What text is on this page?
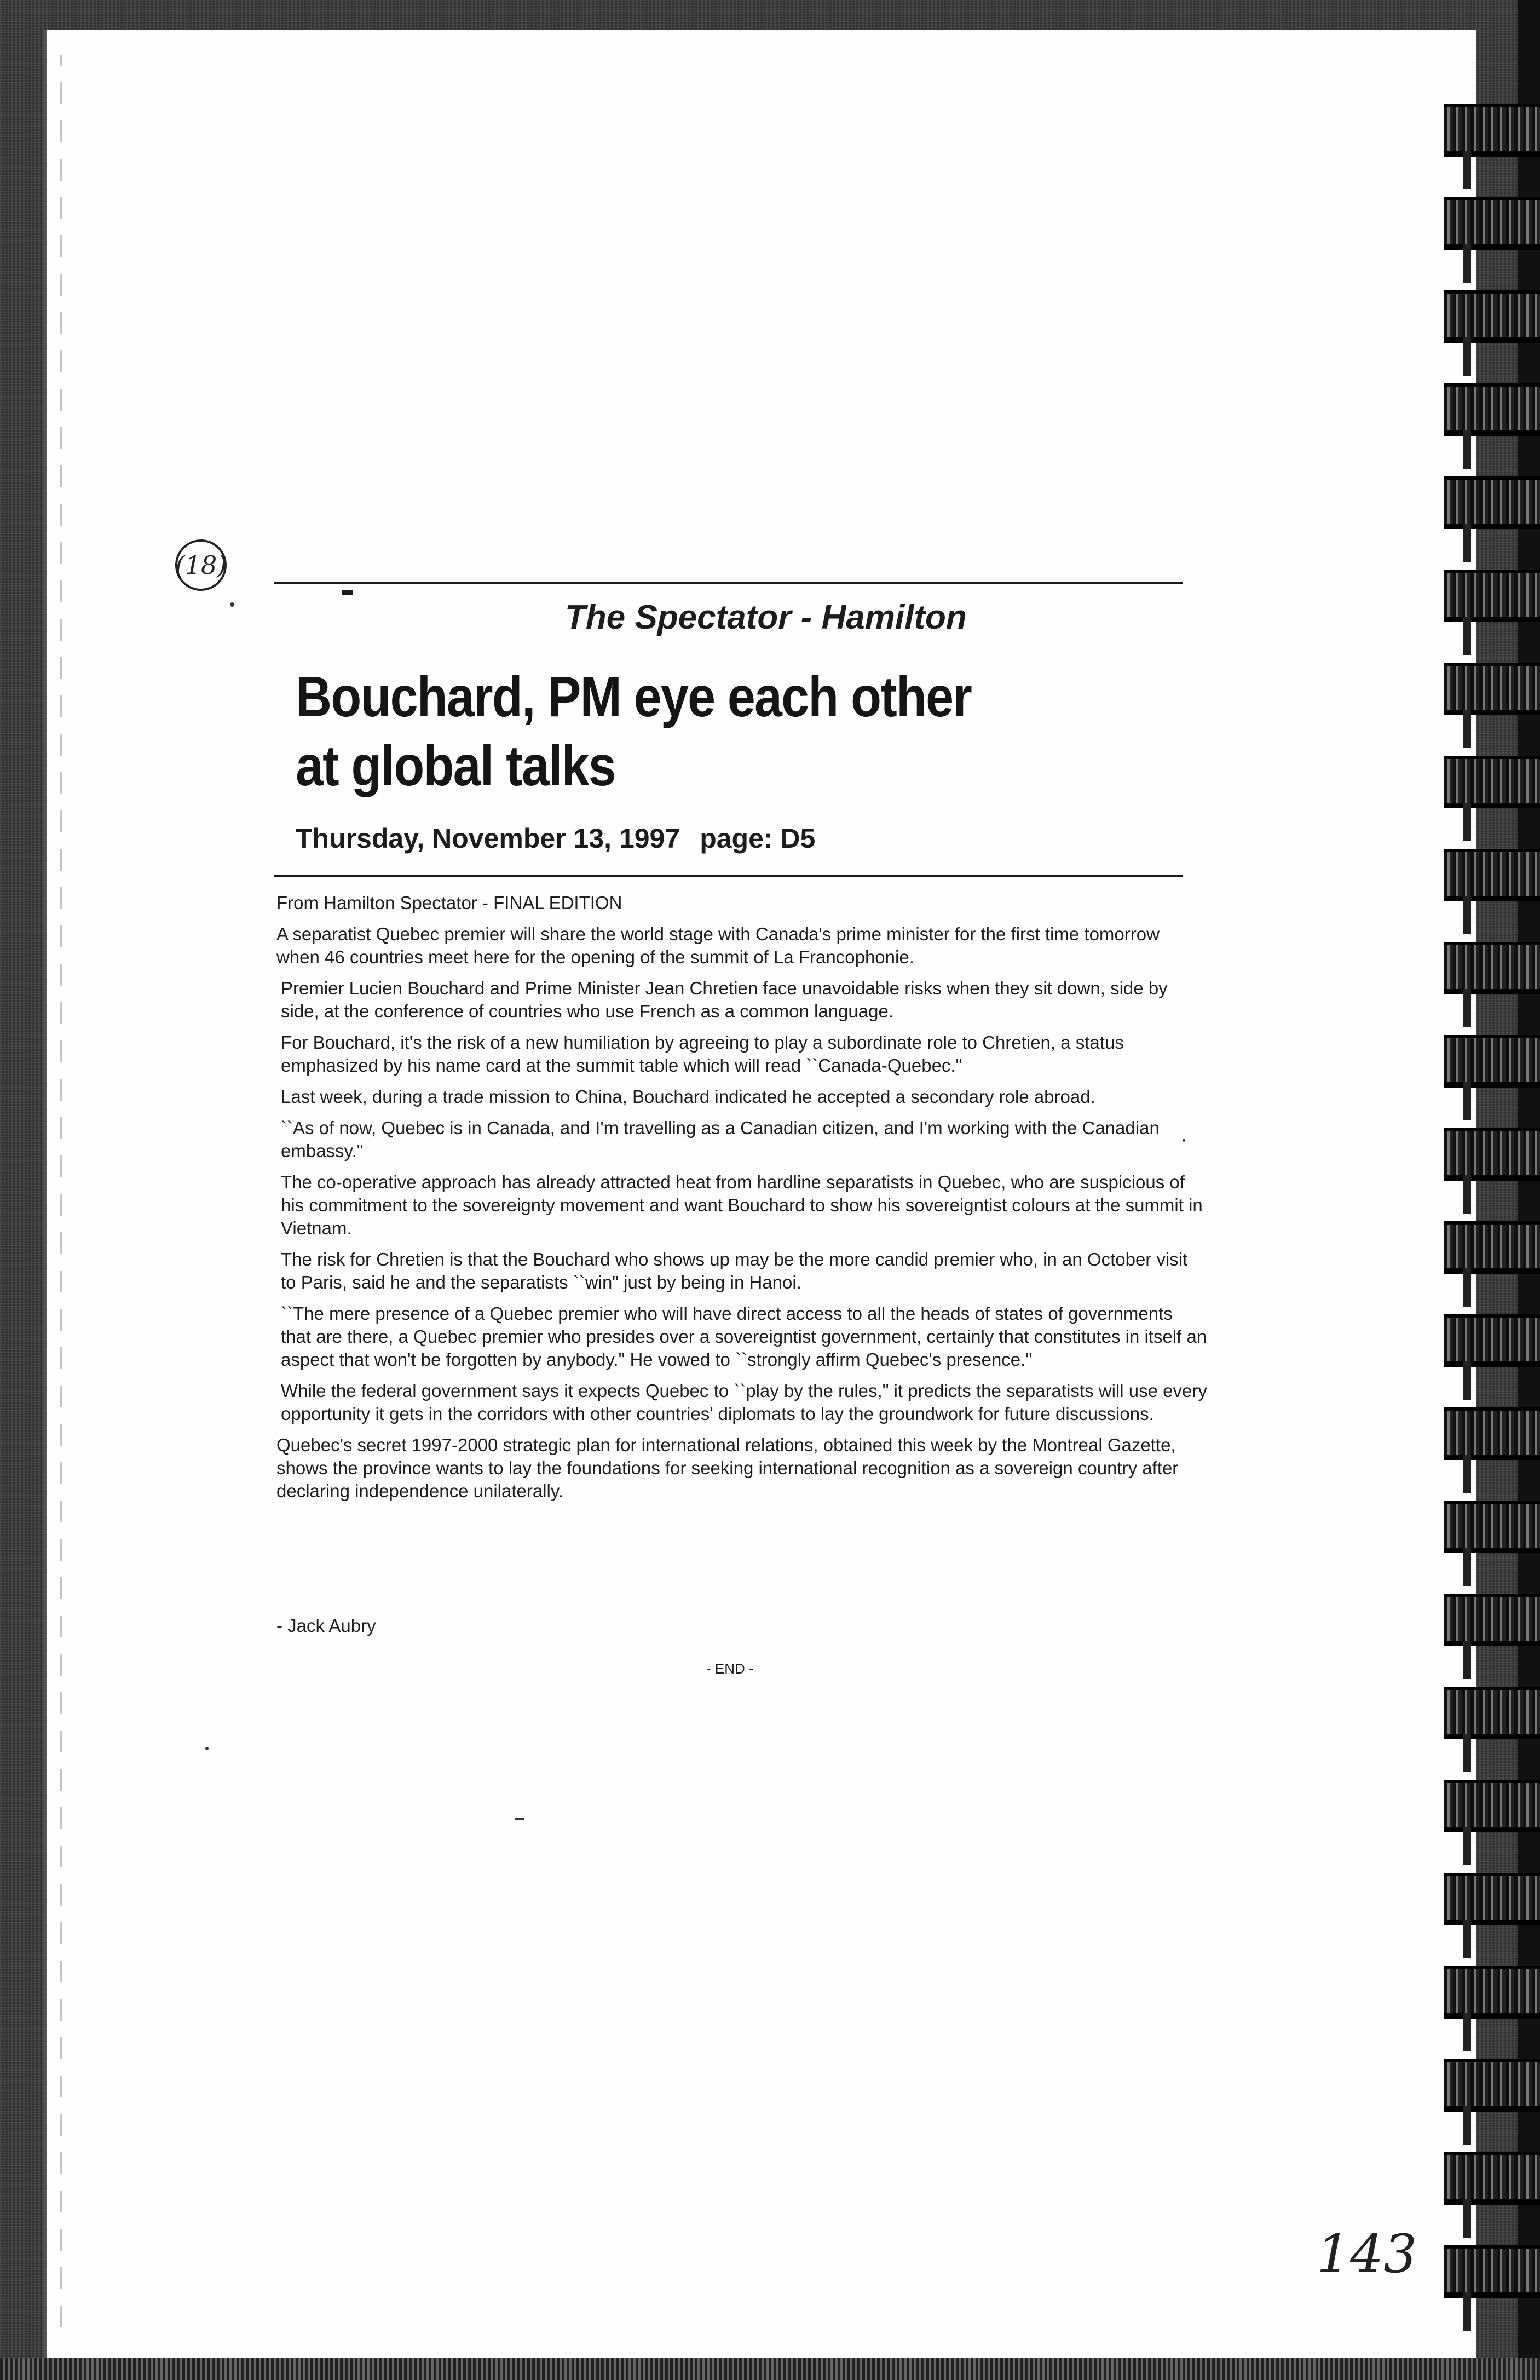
(18)
The Spectator - Hamilton
Bouchard, PM eye each other at global talks
Thursday, November 13, 1997 page: D5

From Hamilton Spectator - FINAL EDITION

A separatist Quebec premier will share the world stage with Canada's prime minister for the first time tomorrow when 46 countries meet here for the opening of the summit of La Francophonie.

Premier Lucien Bouchard and Prime Minister Jean Chretien face unavoidable risks when they sit down, side by side, at the conference of countries who use French as a common language.

For Bouchard, it's the risk of a new humiliation by agreeing to play a subordinate role to Chretien, a status emphasized by his name card at the summit table which will read ``Canada-Quebec."

Last week, during a trade mission to China, Bouchard indicated he accepted a secondary role abroad.

``As of now, Quebec is in Canada, and I'm travelling as a Canadian citizen, and I'm working with the Canadian embassy."

The co-operative approach has already attracted heat from hardline separatists in Quebec, who are suspicious of his commitment to the sovereignty movement and want Bouchard to show his sovereigntist colours at the summit in Vietnam.

The risk for Chretien is that the Bouchard who shows up may be the more candid premier who, in an October visit to Paris, said he and the separatists ``win" just by being in Hanoi.

``The mere presence of a Quebec premier who will have direct access to all the heads of states of governments that are there, a Quebec premier who presides over a sovereigntist government, certainly that constitutes in itself an aspect that won't be forgotten by anybody." He vowed to ``strongly affirm Quebec's presence."

While the federal government says it expects Quebec to ``play by the rules," it predicts the separatists will use every opportunity it gets in the corridors with other countries' diplomats to lay the groundwork for future discussions.

Quebec's secret 1997-2000 strategic plan for international relations, obtained this week by the Montreal Gazette, shows the province wants to lay the foundations for seeking international recognition as a sovereign country after declaring independence unilaterally.

- Jack Aubry
- END -
143
